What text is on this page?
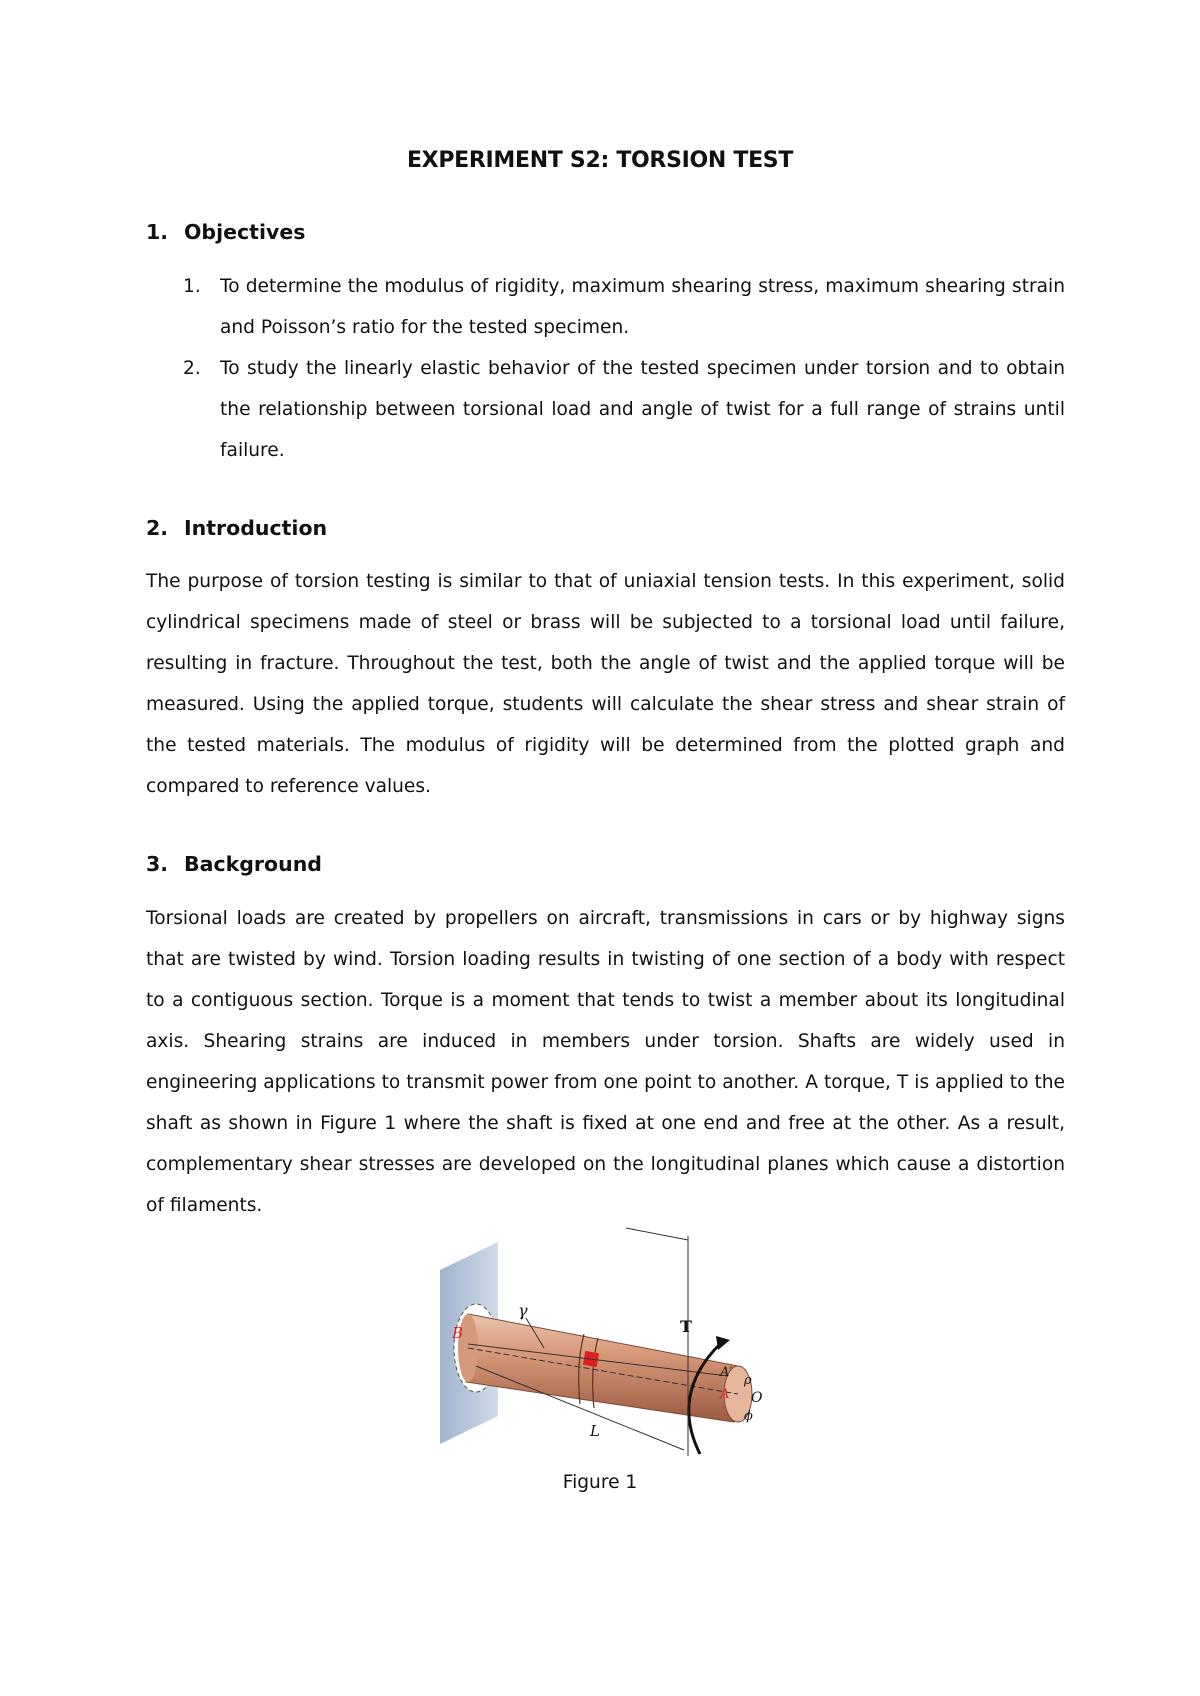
EXPERIMENT S2: TORSION TEST
1. Objectives
1. To determine the modulus of rigidity, maximum shearing stress, maximum shearing strain and Poisson’s ratio for the tested specimen.
2. To study the linearly elastic behavior of the tested specimen under torsion and to obtain the relationship between torsional load and angle of twist for a full range of strains until failure.
2. Introduction
The purpose of torsion testing is similar to that of uniaxial tension tests. In this experiment, solid cylindrical specimens made of steel or brass will be subjected to a torsional load until failure, resulting in fracture. Throughout the test, both the angle of twist and the applied torque will be measured. Using the applied torque, students will calculate the shear stress and shear strain of the tested materials. The modulus of rigidity will be determined from the plotted graph and compared to reference values.
3. Background
Torsional loads are created by propellers on aircraft, transmissions in cars or by highway signs that are twisted by wind. Torsion loading results in twisting of one section of a body with respect to a contiguous section. Torque is a moment that tends to twist a member about its longitudinal axis. Shearing strains are induced in members under torsion. Shafts are widely used in engineering applications to transmit power from one point to another. A torque, T is applied to the shaft as shown in Figure 1 where the shaft is fixed at one end and free at the other. As a result, complementary shear stresses are developed on the longitudinal planes which cause a distortion of filaments.
B
γ
T
A′
A
ρ
O
ϕ
L
Figure 1
